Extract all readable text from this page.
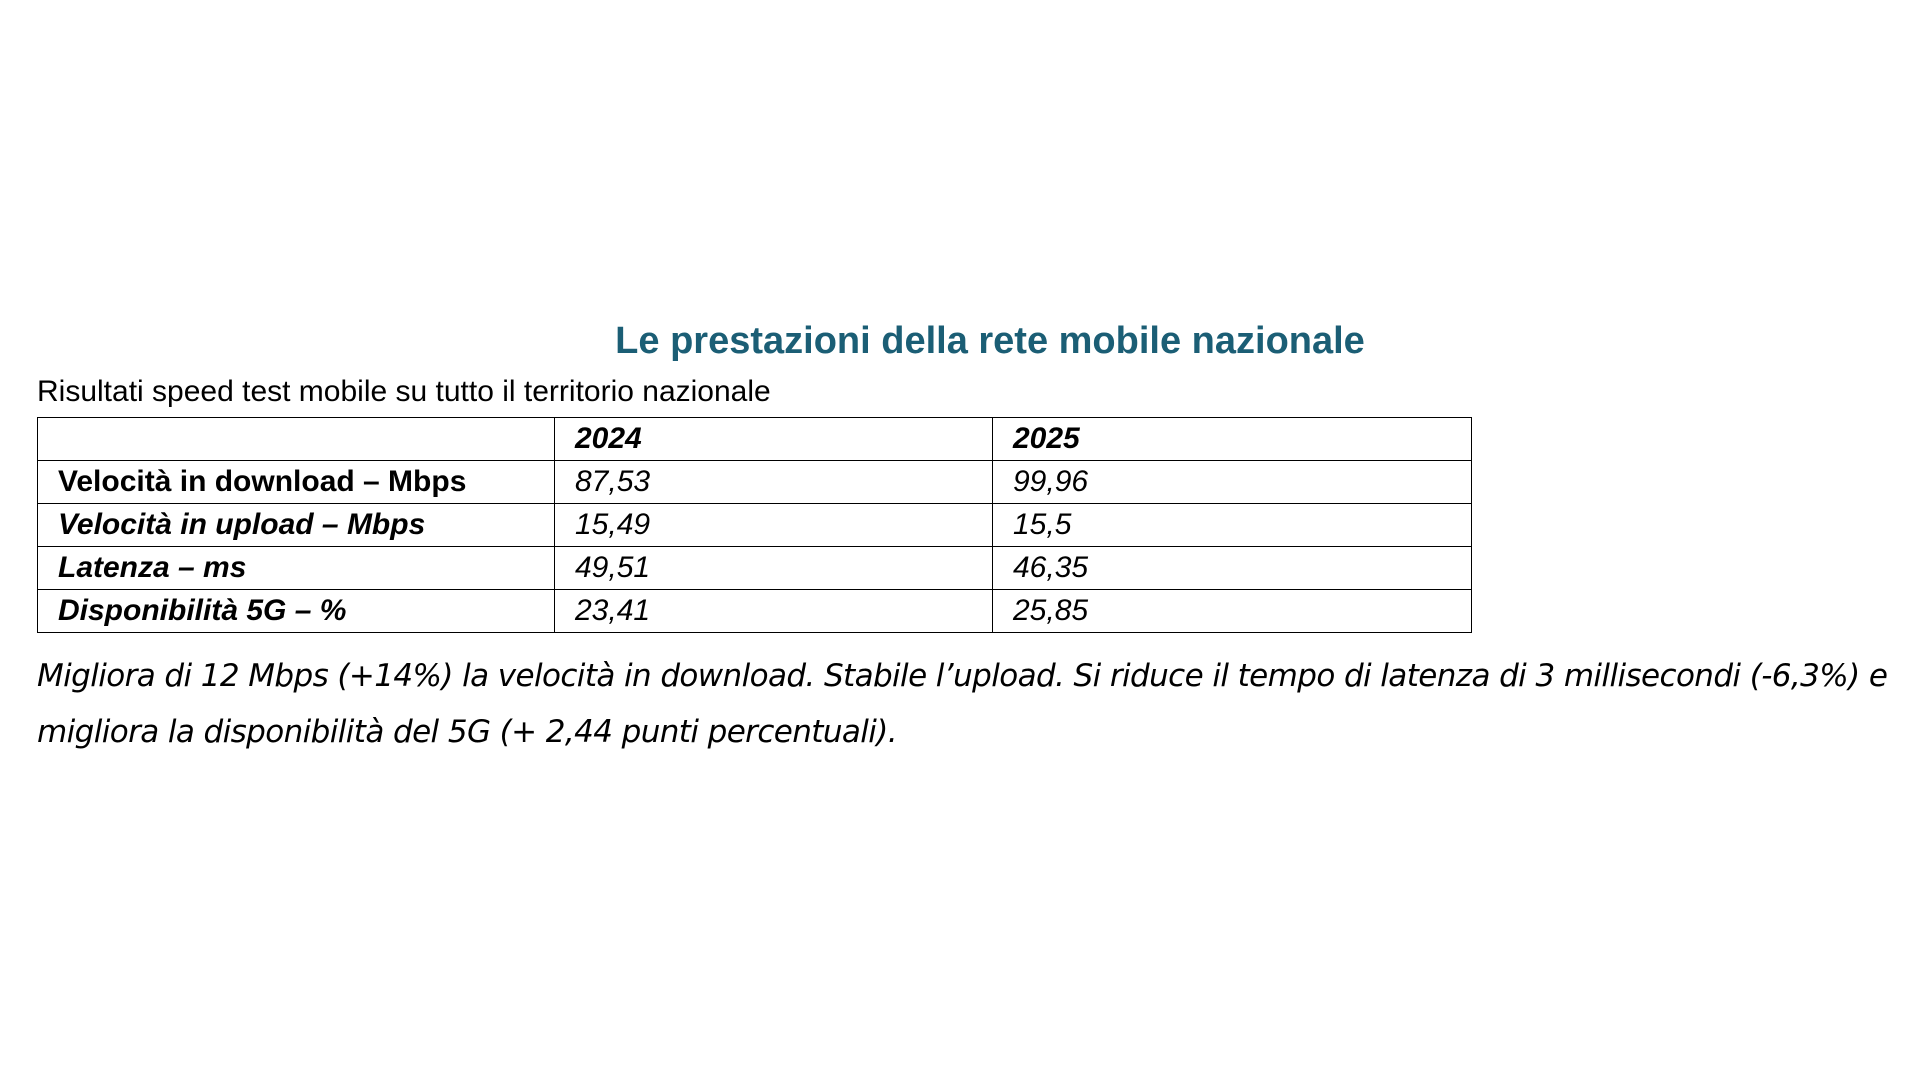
Le prestazioni della rete mobile nazionale
Risultati speed test mobile su tutto il territorio nazionale
	2024	2025
Velocità in download – Mbps	87,53	99,96
Velocità in upload – Mbps	15,49	15,5
Latenza – ms	49,51	46,35
Disponibilità 5G – %	23,41	25,85
Migliora di 12 Mbps (+14%) la velocità in download. Stabile l’upload. Si riduce il tempo di latenza di 3 millisecondi (-6,3%) e migliora la disponibilità del 5G (+ 2,44 punti percentuali).
